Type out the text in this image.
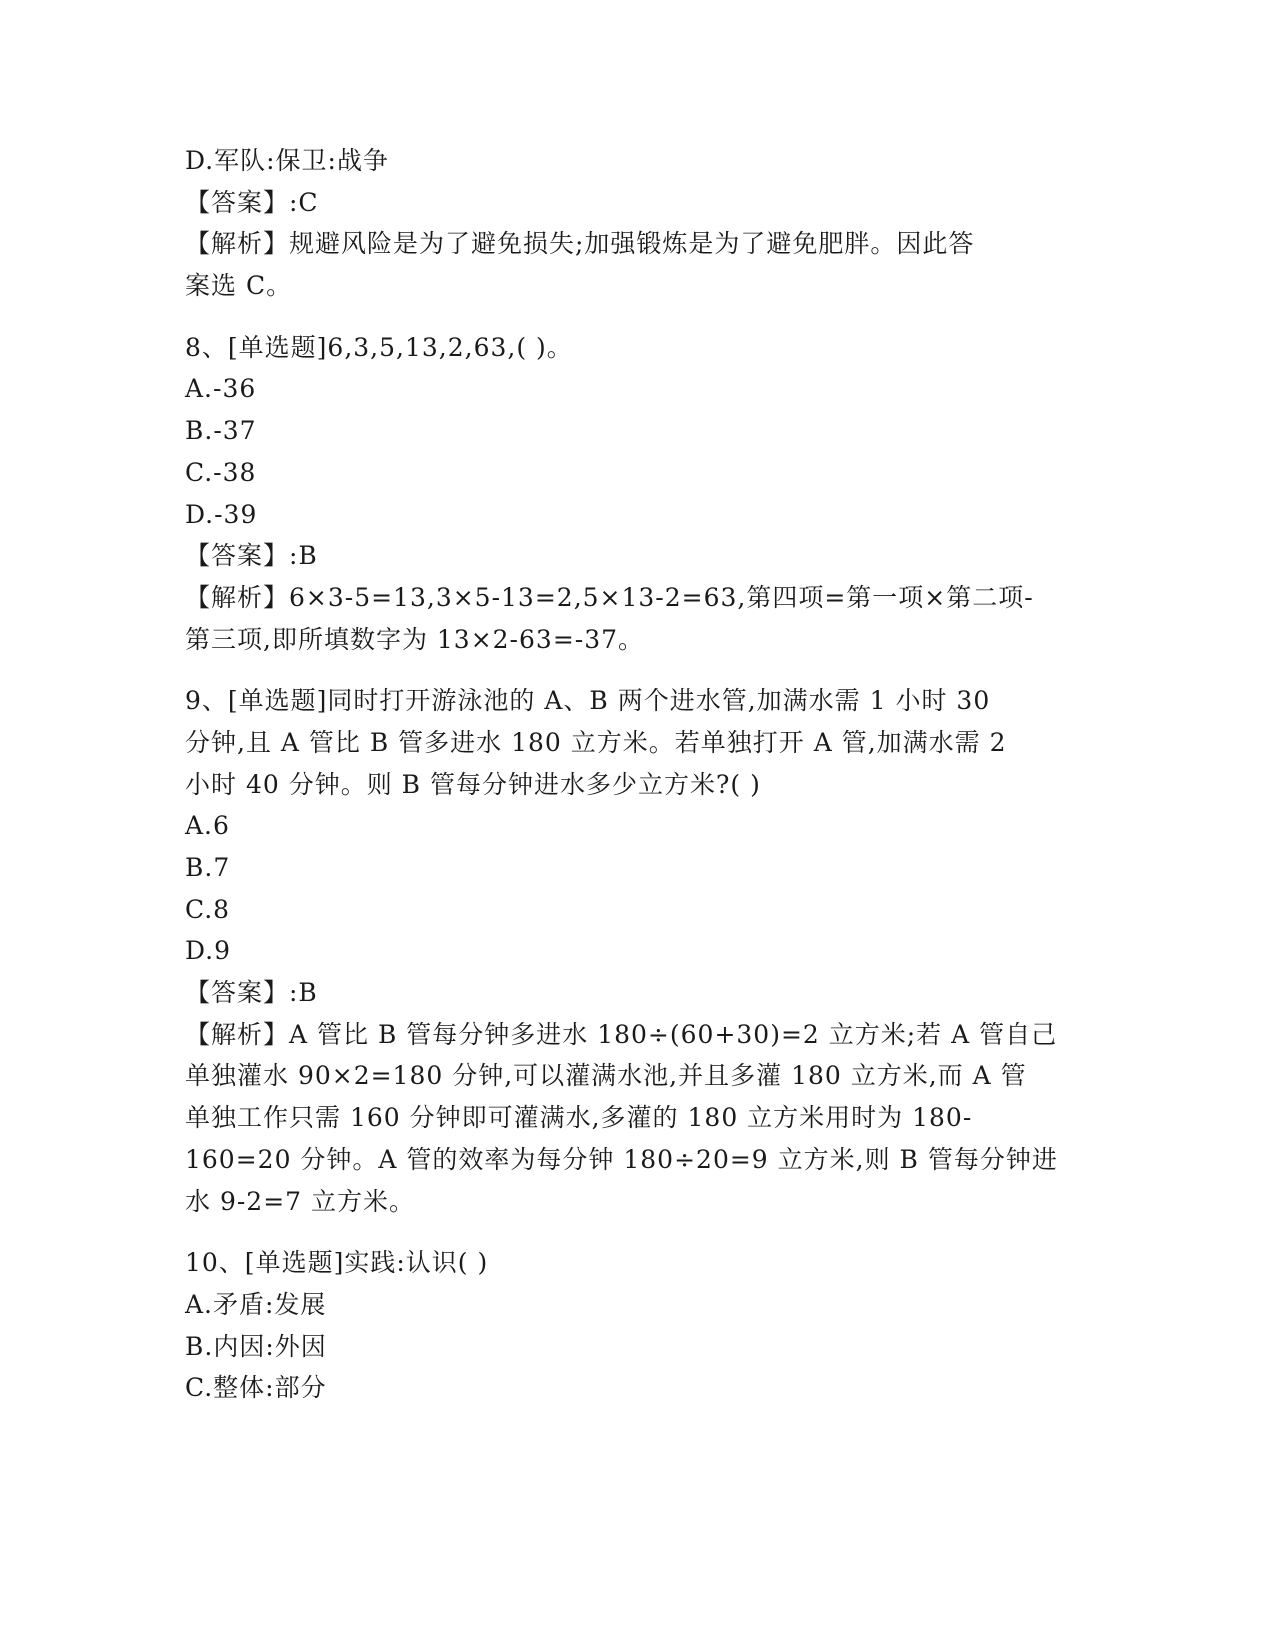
D.军队:保卫:战争
【答案】:C
【解析】规避风险是为了避免损失;加强锻炼是为了避免肥胖。因此答
案选 C。
8、[单选题]6,3,5,13,2,63,( )。
A.-36
B.-37
C.-38
D.-39
【答案】:B
【解析】6×3-5=13,3×5-13=2,5×13-2=63,第四项=第一项×第二项-
第三项,即所填数字为 13×2-63=-37。
9、[单选题]同时打开游泳池的 A、B 两个进水管,加满水需 1 小时 30
分钟,且 A 管比 B 管多进水 180 立方米。若单独打开 A 管,加满水需 2
小时 40 分钟。则 B 管每分钟进水多少立方米?( )
A.6
B.7
C.8
D.9
【答案】:B
【解析】A 管比 B 管每分钟多进水 180÷(60+30)=2 立方米;若 A 管自己
单独灌水 90×2=180 分钟,可以灌满水池,并且多灌 180 立方米,而 A 管
单独工作只需 160 分钟即可灌满水,多灌的 180 立方米用时为 180-
160=20 分钟。A 管的效率为每分钟 180÷20=9 立方米,则 B 管每分钟进
水 9-2=7 立方米。
10、[单选题]实践:认识( )
A.矛盾:发展
B.内因:外因
C.整体:部分
